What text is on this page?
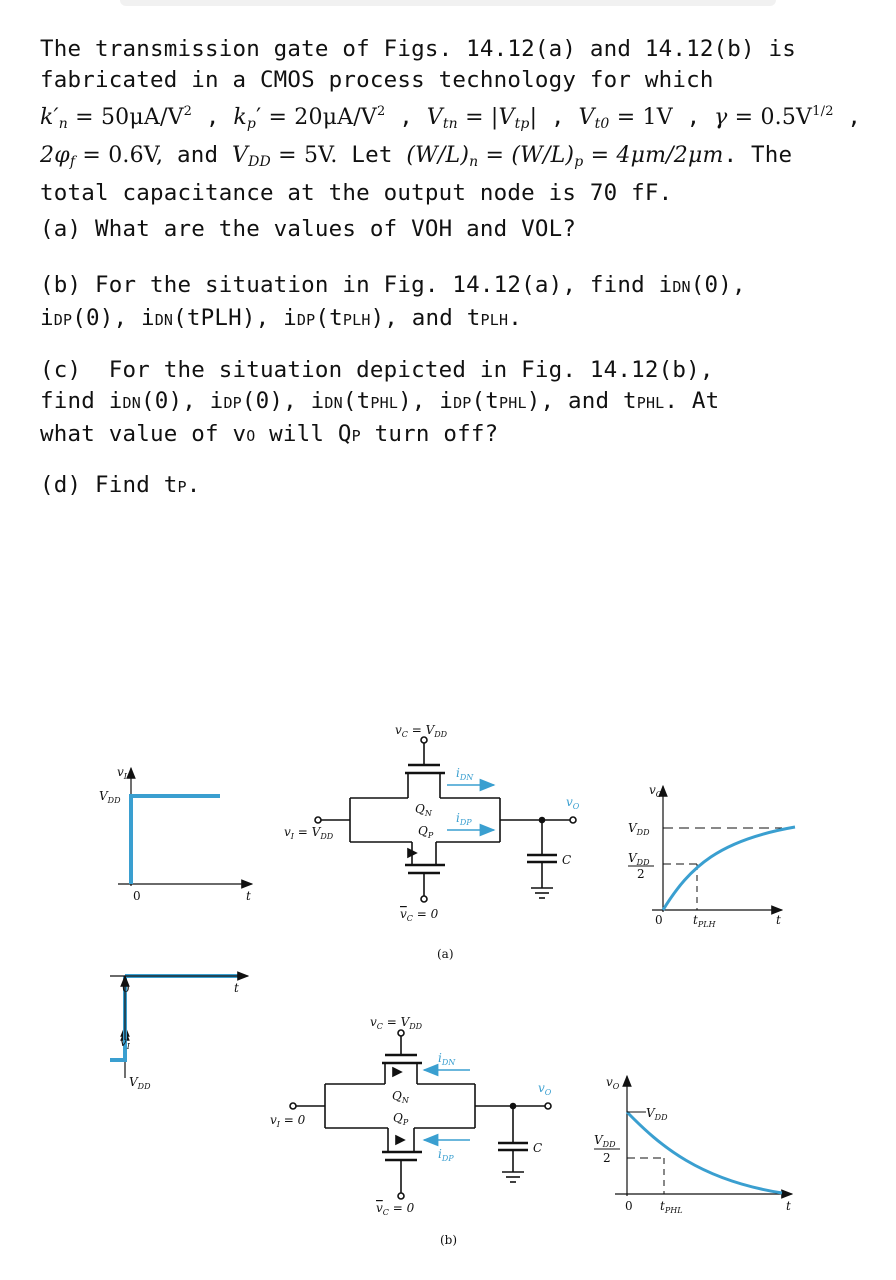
The transmission gate of Figs. 14.12(a) and 14.12(b) is fabricated in a CMOS process technology for which

$k'_n = 50\mu A/V^2$ , $k_p' = 20\mu A/V^2$ , $V_{tn} = |V_{tp}|$ , $V_{t0} = 1V$ , $\gamma = 0.5V^{1/2}$ ,

$2\varphi_f = 0.6V$, and $V_{DD} = 5V$. Let $(W/L)_n = (W/L)_p = 4\mu m/2\mu m$. The

total capacitance at the output node is 70 fF.

(a) What are the values of VOH and VOL?

(b) For the situation in Fig. 14.12(a), find iDN(0),

iDP(0), iDN(tPLH), iDP(tPLH), and tPLH.

(c)  For the situation depicted in Fig. 14.12(b),

find iDN(0), iDP(0), iDN(tPHL), iDP(tPHL), and tPHL. At

what value of vO will QP turn off?

(d) Find tP.

$v_I$
$V_{DD}$
0	t
$v_C = V_{DD}$
$v_I = V_{DD}$
$Q_N$
$Q_P$
$i_{DN}$
$i_{DP}$
$v_O$
C
$v_C = 0$
(a)
$v_O$
$V_{DD}$
$V_{DD}$
2
0	$t_{PLH}$	t
$v_I$
$V_{DD}$
0	t
$v_C = V_{DD}$
$v_I = 0$
$Q_N$
$Q_P$
$i_{DN}$
$i_{DP}$
$v_O$
C
$v_C = 0$
(b)
$v_O$
$V_{DD}$
$V_{DD}$
2
0 $t_{PHL}$	t
